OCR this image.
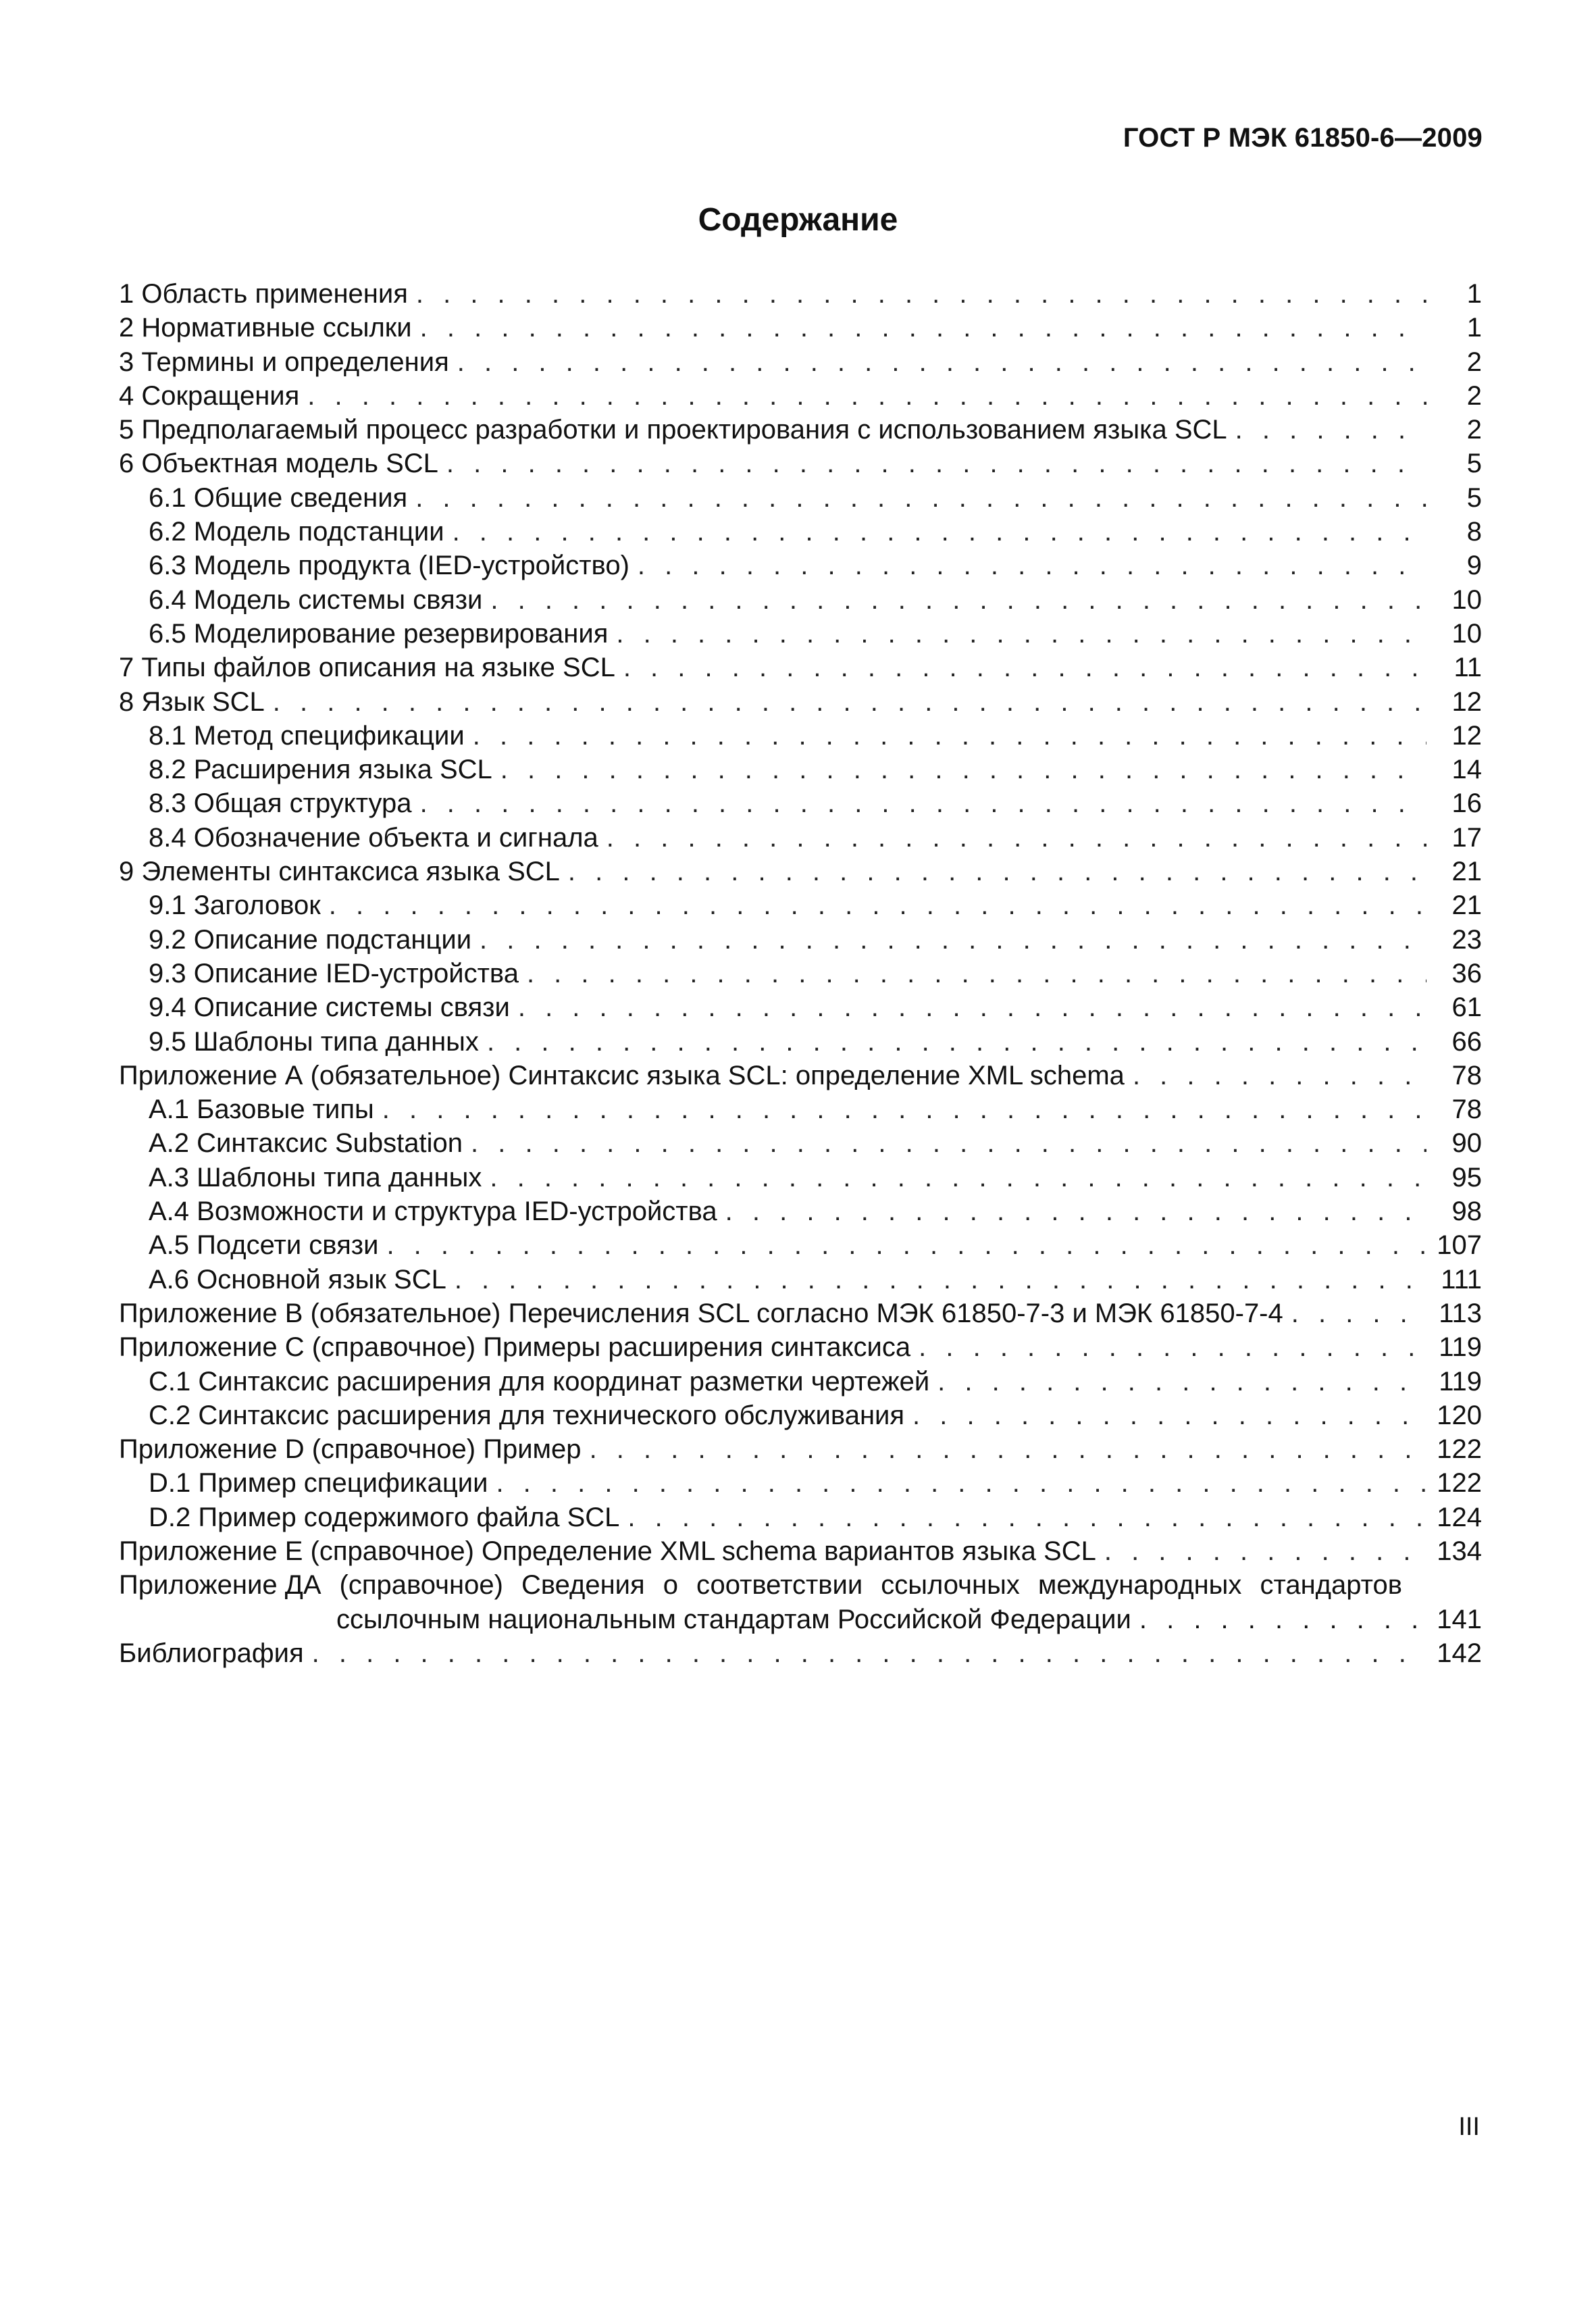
ГОСТ Р МЭК 61850-6—2009
Содержание
1 Область применения . . .	1
2 Нормативные ссылки . . .	1
3 Термины и определения . . .	2
4 Сокращения . . .	2
5 Предполагаемый процесс разработки и проектирования с использованием языка SCL . . .	2
6 Объектная модель SCL . . .	5
6.1 Общие сведения . . .	5
6.2 Модель подстанции . . .	8
6.3 Модель продукта (IED-устройство) . . .	9
6.4 Модель системы связи . . .	10
6.5 Моделирование резервирования . . .	10
7 Типы файлов описания на языке SCL . . .	11
8 Язык SCL . . .	12
8.1 Метод спецификации . . .	12
8.2 Расширения языка SCL . . .	14
8.3 Общая структура . . .	16
8.4 Обозначение объекта и сигнала . . .	17
9 Элементы синтаксиса языка SCL . . .	21
9.1 Заголовок . . .	21
9.2 Описание подстанции . . .	23
9.3 Описание IED-устройства . . .	36
9.4 Описание системы связи . . .	61
9.5 Шаблоны типа данных . . .	66
Приложение А (обязательное) Синтаксис языка SCL: определение XML schema . . .	78
А.1 Базовые типы . . .	78
А.2 Синтаксис Substation . . .	90
А.3 Шаблоны типа данных . . .	95
А.4 Возможности и структура IED-устройства . . .	98
А.5 Подсети связи . . .	107
А.6 Основной язык SCL . . .	111
Приложение В (обязательное) Перечисления SCL согласно МЭК 61850-7-3 и МЭК 61850-7-4 . . .	113
Приложение С (справочное) Примеры расширения синтаксиса . . .	119
С.1 Синтаксис расширения для координат разметки чертежей . . .	119
С.2 Синтаксис расширения для технического обслуживания . . .	120
Приложение D (справочное) Пример . . .	122
D.1 Пример спецификации . . .	122
D.2 Пример содержимого файла SCL . . .	124
Приложение Е (справочное) Определение XML schema вариантов языка SCL . . .	134
Приложение ДА (справочное) Сведения о соответствии ссылочных международных стандартов
ссылочным национальным стандартам Российской Федерации . . .	141
Библиография . . .	142
III
